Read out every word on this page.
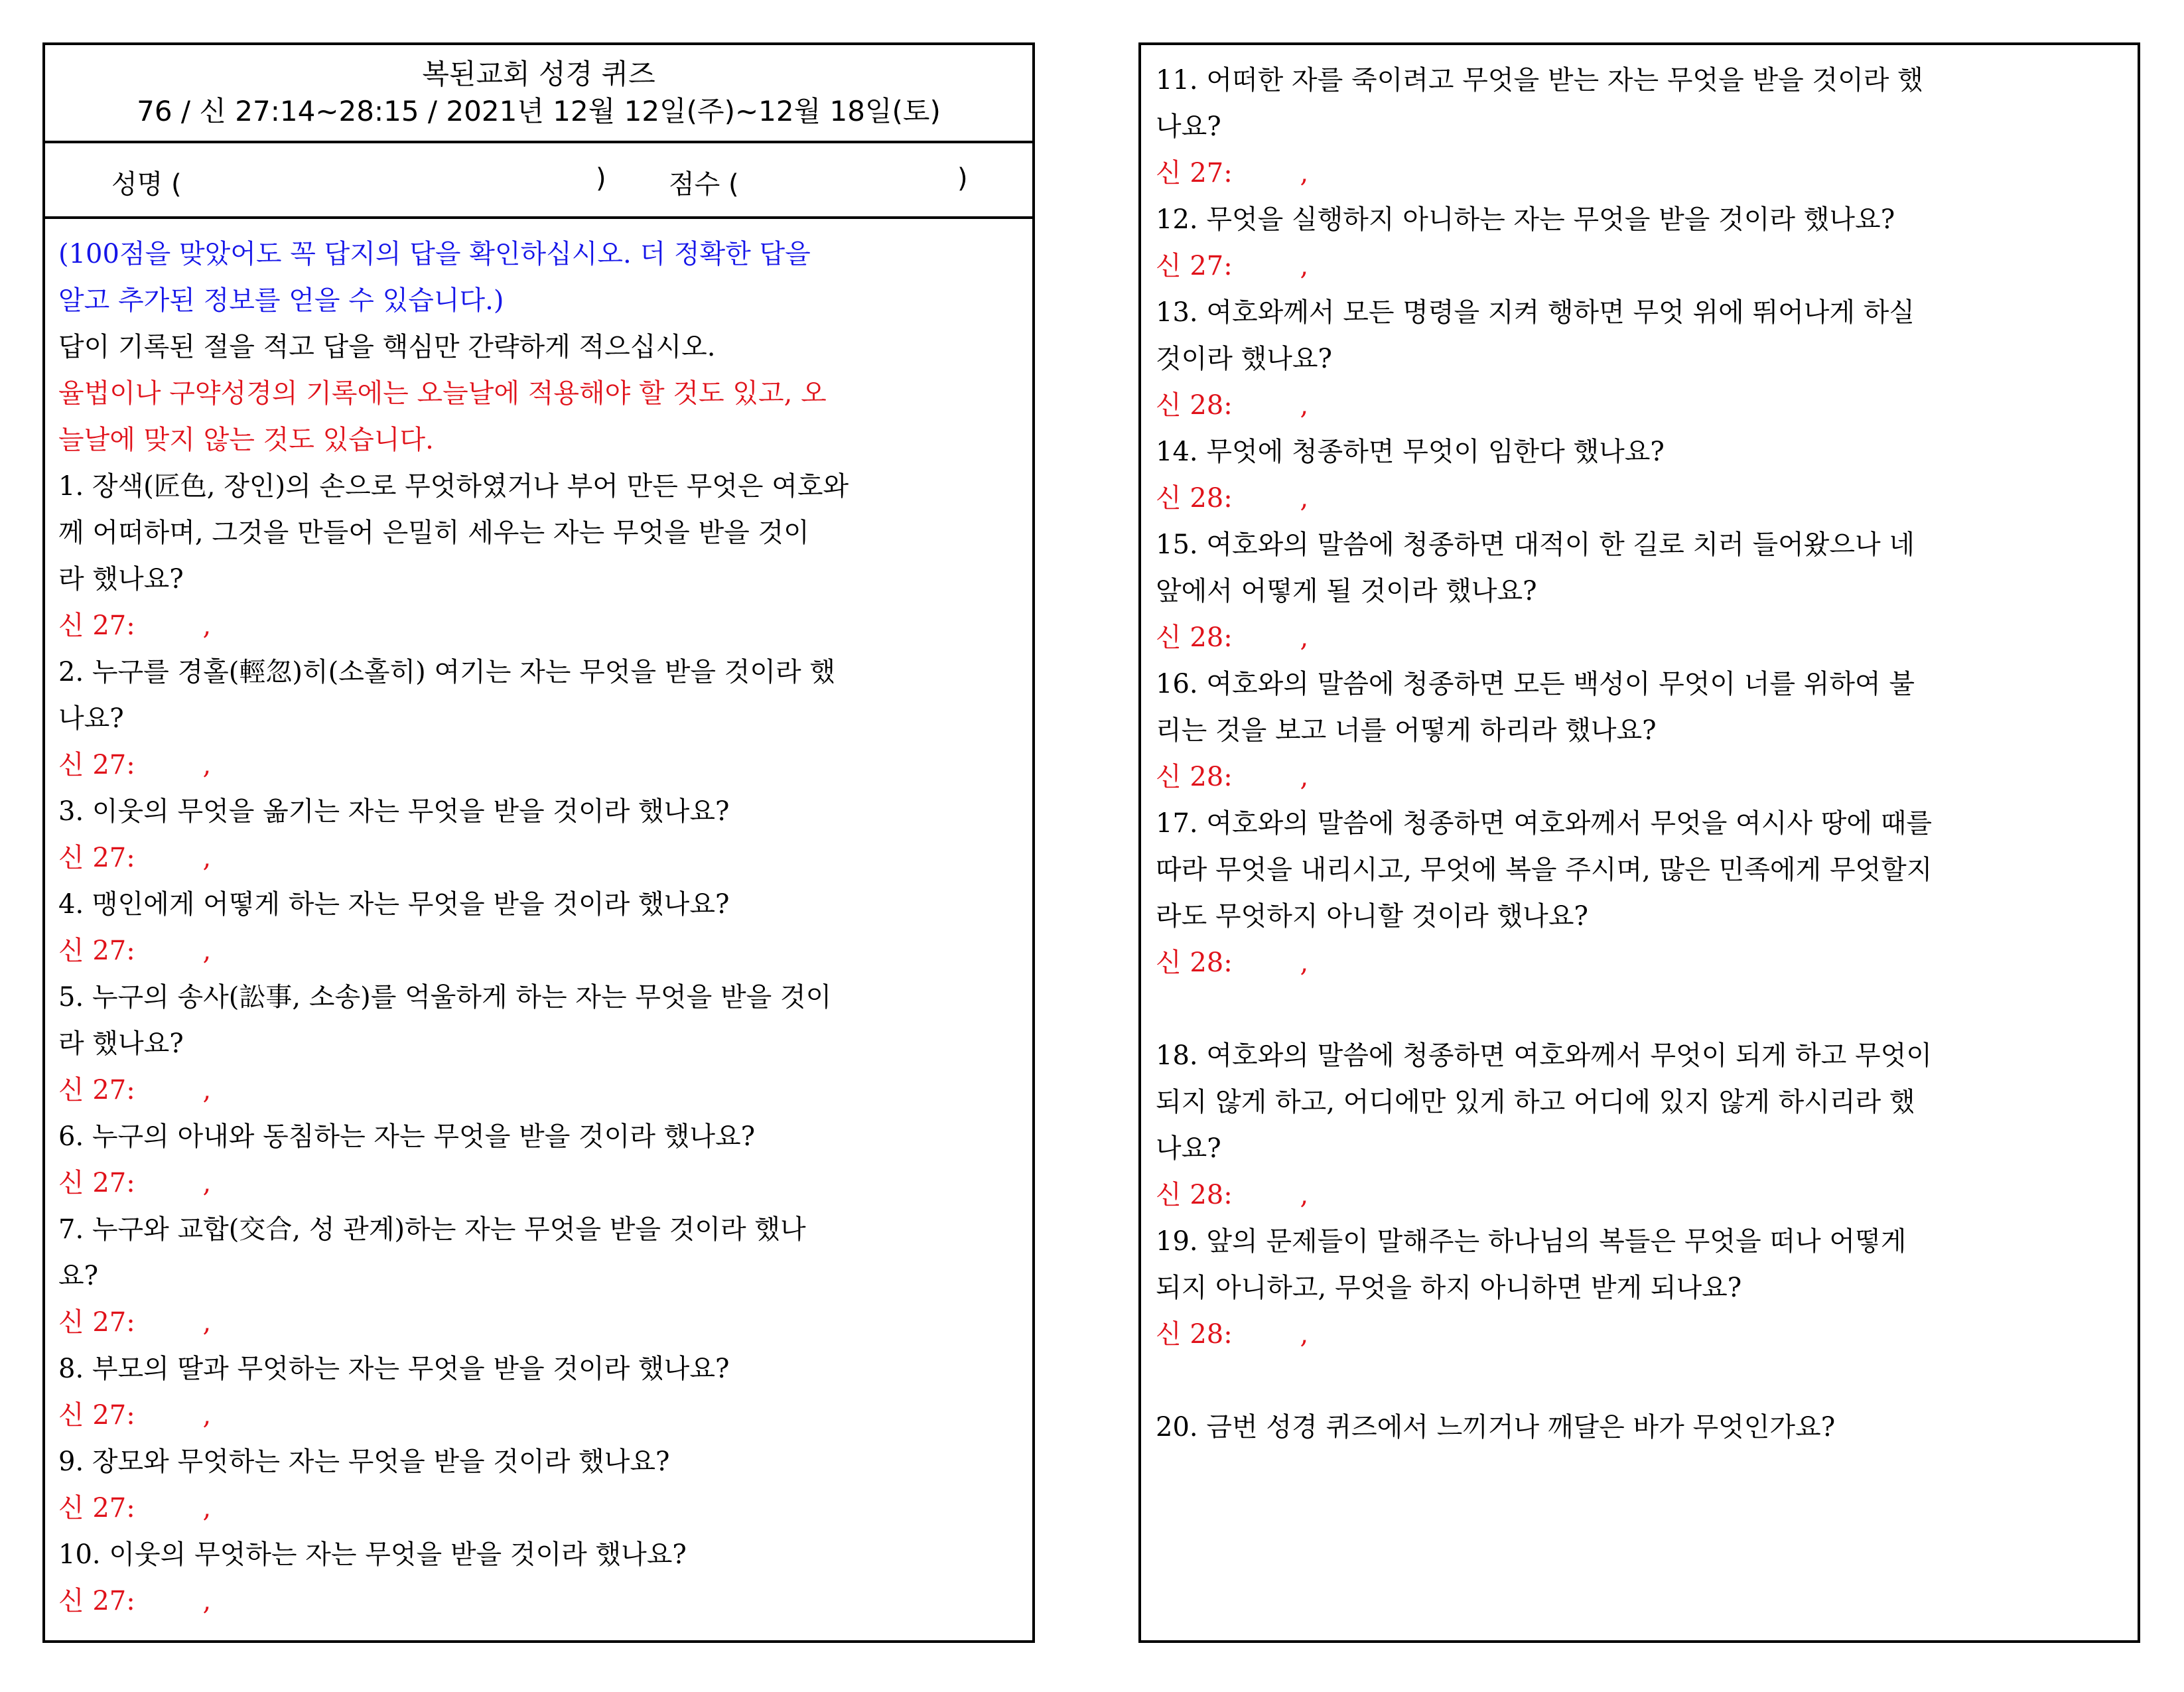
복된교회 성경 퀴즈
76 / 신 27:14~28:15 / 2021년 12월 12일(주)~12월 18일(토)
성명 (	) 점수 (	)
(100점을 맞았어도 꼭 답지의 답을 확인하십시오. 더 정확한 답을
알고 추가된 정보를 얻을 수 있습니다.)
답이 기록된 절을 적고 답을 핵심만 간략하게 적으십시오.
율법이나 구약성경의 기록에는 오늘날에 적용해야 할 것도 있고, 오
늘날에 맞지 않는 것도 있습니다.
1. 장색(匠色, 장인)의 손으로 무엇하였거나 부어 만든 무엇은 여호와
께 어떠하며, 그것을 만들어 은밀히 세우는 자는 무엇을 받을 것이
라 했나요?
신 27:        ,
2. 누구를 경홀(輕忽)히(소홀히) 여기는 자는 무엇을 받을 것이라 했
나요?
신 27:        ,
3. 이웃의 무엇을 옮기는 자는 무엇을 받을 것이라 했나요?
신 27:        ,
4. 맹인에게 어떻게 하는 자는 무엇을 받을 것이라 했나요?
신 27:        ,
5. 누구의 송사(訟事, 소송)를 억울하게 하는 자는 무엇을 받을 것이
라 했나요?
신 27:        ,
6. 누구의 아내와 동침하는 자는 무엇을 받을 것이라 했나요?
신 27:        ,
7. 누구와 교합(交合, 성 관계)하는 자는 무엇을 받을 것이라 했나
요?
신 27:        ,
8. 부모의 딸과 무엇하는 자는 무엇을 받을 것이라 했나요?
신 27:        ,
9. 장모와 무엇하는 자는 무엇을 받을 것이라 했나요?
신 27:        ,
10. 이웃의 무엇하는 자는 무엇을 받을 것이라 했나요?
신 27:        ,
11. 어떠한 자를 죽이려고 무엇을 받는 자는 무엇을 받을 것이라 했
나요?
신 27:        ,
12. 무엇을 실행하지 아니하는 자는 무엇을 받을 것이라 했나요?
신 27:        ,
13. 여호와께서 모든 명령을 지켜 행하면 무엇 위에 뛰어나게 하실
것이라 했나요?
신 28:        ,
14. 무엇에 청종하면 무엇이 임한다 했나요?
신 28:        ,
15. 여호와의 말씀에 청종하면 대적이 한 길로 치러 들어왔으나 네
앞에서 어떻게 될 것이라 했나요?
신 28:        ,
16. 여호와의 말씀에 청종하면 모든 백성이 무엇이 너를 위하여 불
리는 것을 보고 너를 어떻게 하리라 했나요?
신 28:        ,
17. 여호와의 말씀에 청종하면 여호와께서 무엇을 여시사 땅에 때를
따라 무엇을 내리시고, 무엇에 복을 주시며, 많은 민족에게 무엇할지
라도 무엇하지 아니할 것이라 했나요?
신 28:        ,
18. 여호와의 말씀에 청종하면 여호와께서 무엇이 되게 하고 무엇이
되지 않게 하고, 어디에만 있게 하고 어디에 있지 않게 하시리라 했
나요?
신 28:        ,
19. 앞의 문제들이 말해주는 하나님의 복들은 무엇을 떠나 어떻게
되지 아니하고, 무엇을 하지 아니하면 받게 되나요?
신 28:        ,
20. 금번 성경 퀴즈에서 느끼거나 깨달은 바가 무엇인가요?
